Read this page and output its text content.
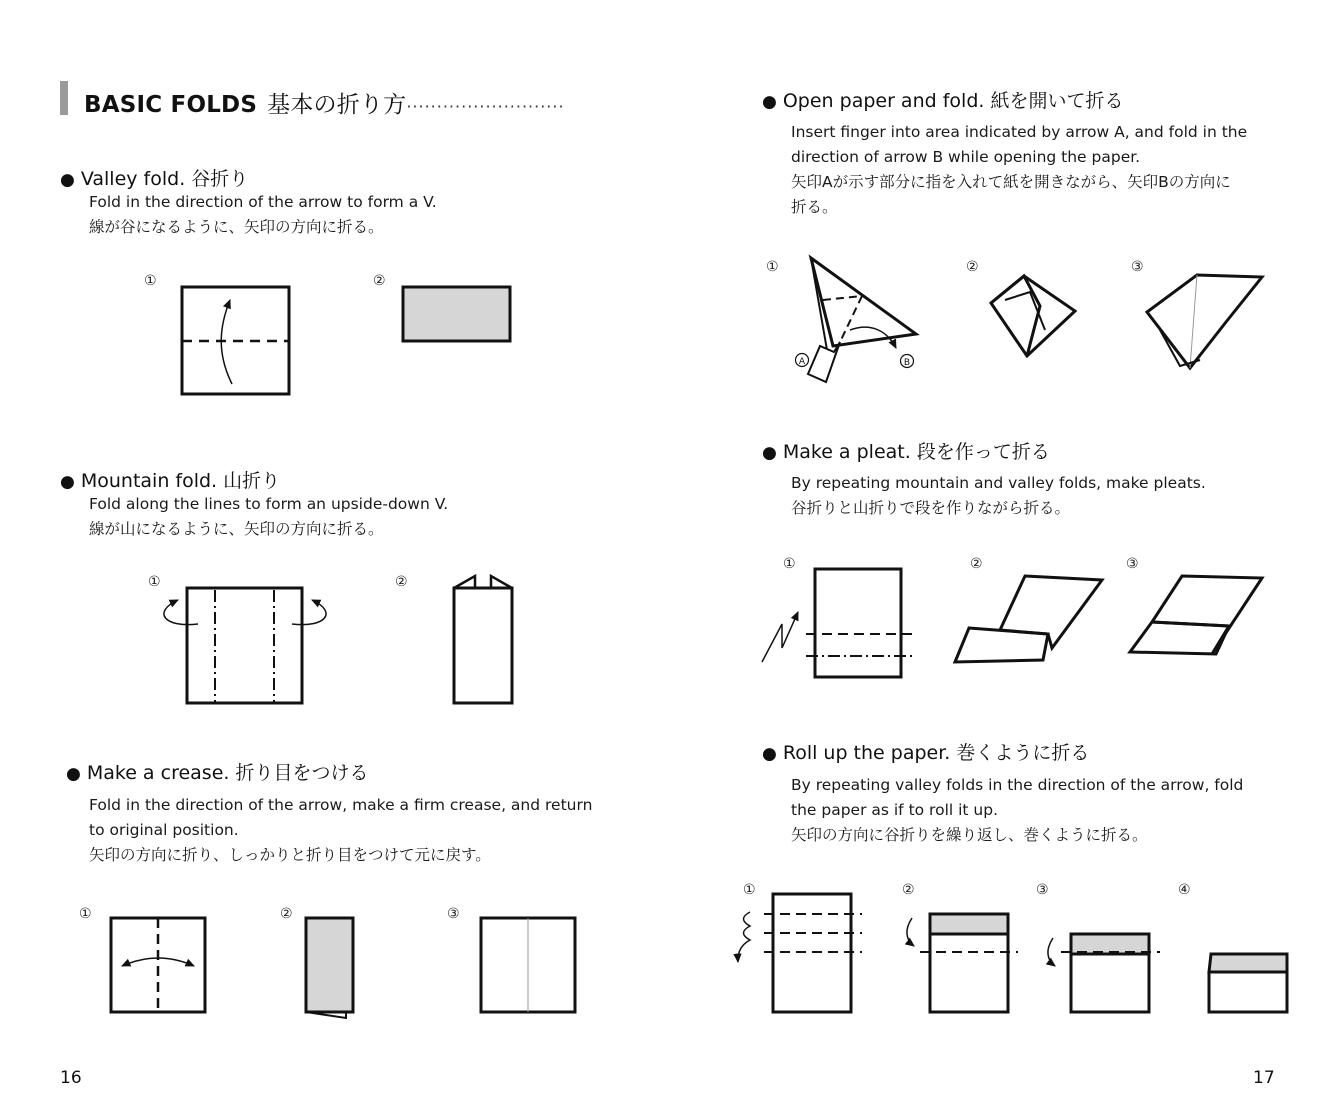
BASIC FOLDS 基本の折り方··························
● Valley fold. 谷折り

Fold in the direction of the arrow to form a V.

線が谷になるように、矢印の方向に折る。

● Mountain fold. 山折り

Fold along the lines to form an upside-down V.

線が山になるように、矢印の方向に折る。

● Make a crease. 折り目をつける

Fold in the direction of the arrow, make a firm crease, and return

to original position.

矢印の方向に折り、しっかりと折り目をつけて元に戻す。

16
● Open paper and fold. 紙を開いて折る

Insert finger into area indicated by arrow A, and fold in the

direction of arrow B while opening the paper.

矢印Aが示す部分に指を入れて紙を開きながら、矢印Bの方向に

折る。

● Make a pleat. 段を作って折る

By repeating mountain and valley folds, make pleats.

谷折りと山折りで段を作りながら折る。

● Roll up the paper. 巻くように折る

By repeating valley folds in the direction of the arrow, fold

the paper as if to roll it up.

矢印の方向に谷折りを繰り返し、巻くように折る。

17
①	②
①	②
①	②	③
①	②	③
①	②	③
①	②	③	④
A	B
